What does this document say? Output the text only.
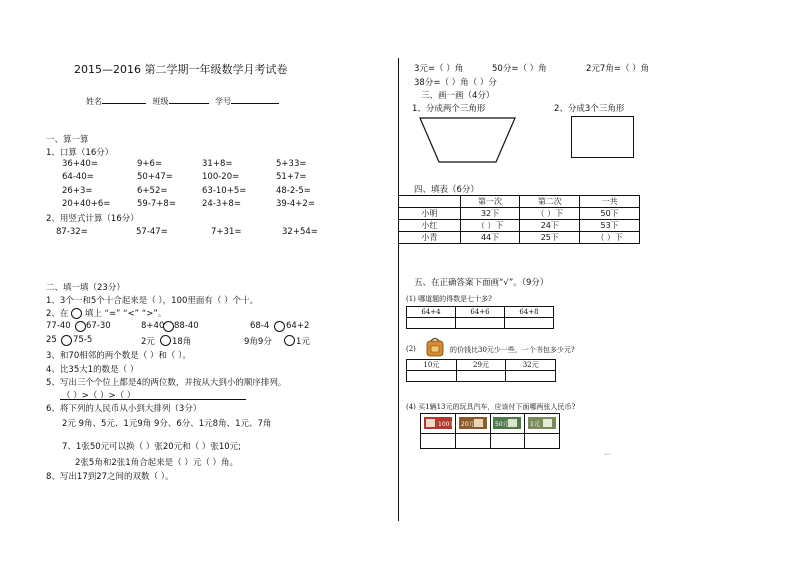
2015—2016 第二学期一年级数学月考试卷
姓名	班级	学号
一、算一算
1、口算（16分）
36+40=	9+6=	31+8=	5+33=
64-40=	50+47=	100-20=	51+7=
26+3=	6+52=	63-10+5=	48-2-5=
20+40+6=	59-7+8=	24-3+8=	39-4+2=
2、用竖式计算（16分）
87-32=	57-47=	7+31=	32+54=
二、填一填（23分）
1、3个一和5个十合起来是（ ），100里面有（ ）个十。
2、在 填上 “=” “<” “>”。
77-40 67-30	8+40 88-40	68-4 64+2
25 75-5	2元 18角	9角9分	1元
3、和70相邻的两个数是（ ）和（ ）。
4、比35大1的数是（ ）
5、写出三个个位上都是4的两位数，并按从大到小的顺序排列。
（ ）>（ ）>（ ）
6、将下列的人民币从小到大排列（3分）
2元 9角、5元、1元9角 9分、6分、1元8角、1元、7角
7、1张50元可以换（ ）张20元和（ ）张10元;
2张5角和2张1角合起来是（ ）元（ ）角。
8、写出17到27之间的双数（ ）。
3元=（ ）角	50分=（ ）角	2元7角=（ ）角
38分=（ ）角（ ）分
三、画一画（4分）
1、分成两个三角形	2、分成3个三角形
四、填表（6分）
	第一次	第二次	一共
小明	32下	（ ）下	50下
小红	（ ）下	24下	53下
小青	44下	25下	（ ）下
五、在正确答案下面画“√”。（9分）
(1) 哪道题的得数是七十多?
64+4	64+6	64+8

(2)	的价钱比30元少一些，一个书包多少元?
10元	29元	32元

(4) 买1辆13元的玩具汽车，应该付下面哪两张人民币?
100元	20元	50元	1元

﹏
